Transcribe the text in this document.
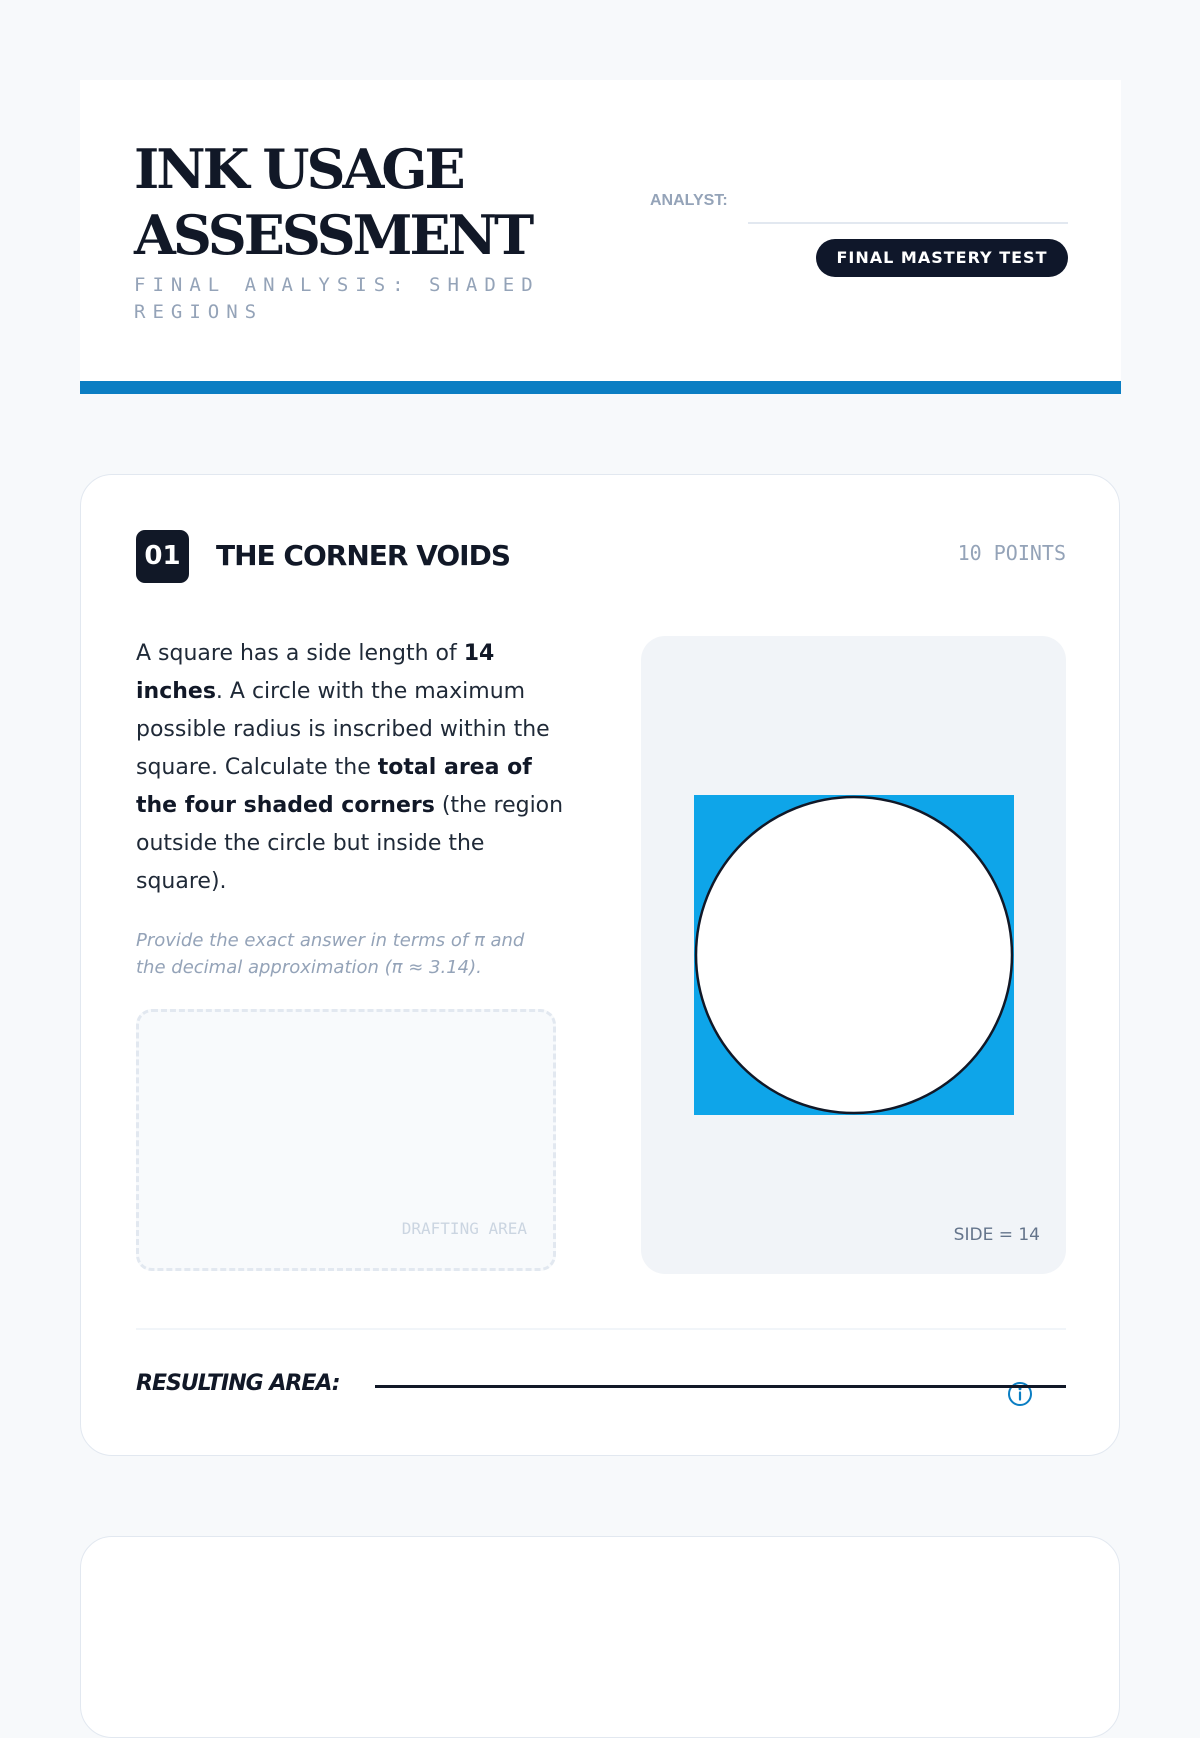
INK USAGE
ASSESSMENT
FINAL ANALYSIS: SHADED REGIONS
ANALYST:
FINAL MASTERY TEST
01	THE CORNER VOIDS	10 POINTS

A square has a side length of 14 inches. A circle with the maximum possible radius is inscribed within the square. Calculate the total area of the four shaded corners (the region outside the circle but inside the square).

Provide the exact answer in terms of π and the decimal approximation (π ≈ 3.14).

DRAFTING AREA	SIDE = 14
RESULTING AREA:
